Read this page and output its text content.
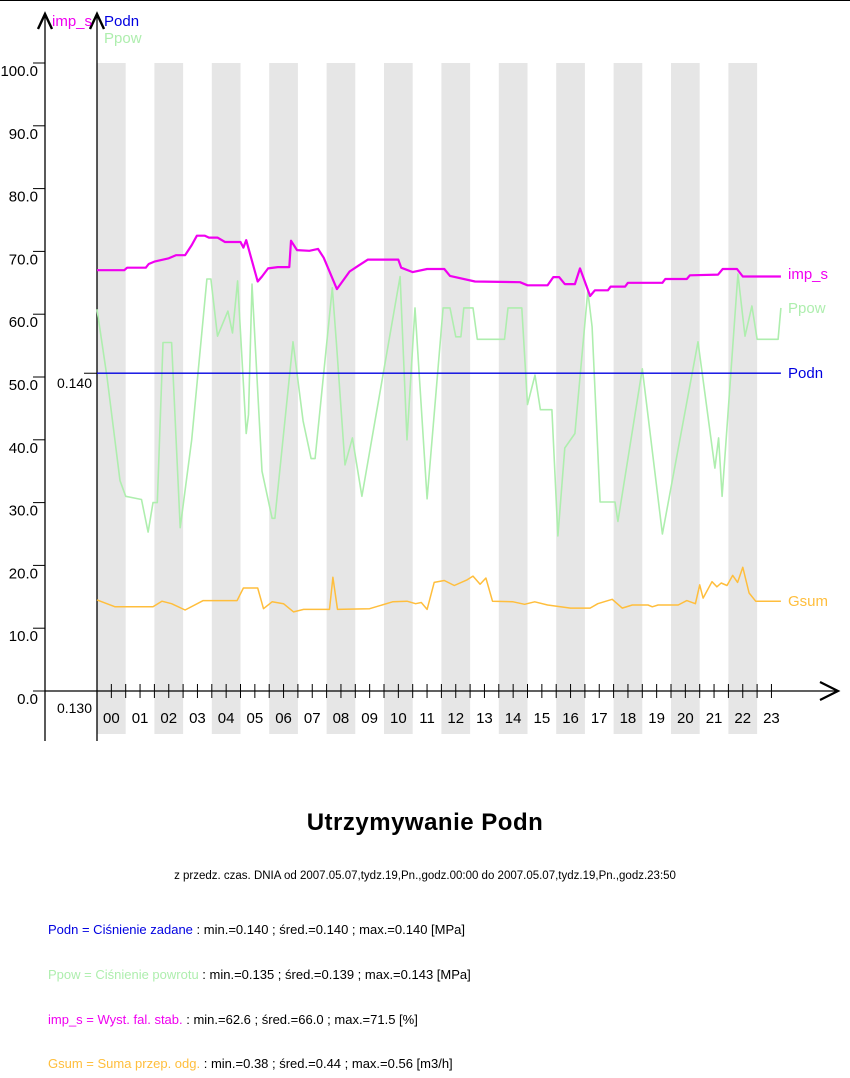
00 01 02 03 04 05 06 07 08 09 10 11 12 13 14 15 16 17 18 19 20 21 22 23
100.0
90.0
80.0
70.0
60.0
50.0
40.0
30.0
20.0
10.0
0.0
0.140
0.130
imp_s Podn
Ppow
Gsum
Ppow
Podn
imp_s
Utrzymywanie Podn
z przedz. czas. DNIA od 2007.05.07,tydz.19,Pn.,godz.00:00 do 2007.05.07,tydz.19,Pn.,godz.23:50
Podn = Ciśnienie zadane : min.=0.140 ; śred.=0.140 ; max.=0.140 [MPa]
Ppow = Ciśnienie powrotu : min.=0.135 ; śred.=0.139 ; max.=0.143 [MPa]
imp_s = Wyst. fal. stab. : min.=62.6 ; śred.=66.0 ; max.=71.5 [%]
Gsum = Suma przep. odg. : min.=0.38 ; śred.=0.44 ; max.=0.56 [m3/h]
